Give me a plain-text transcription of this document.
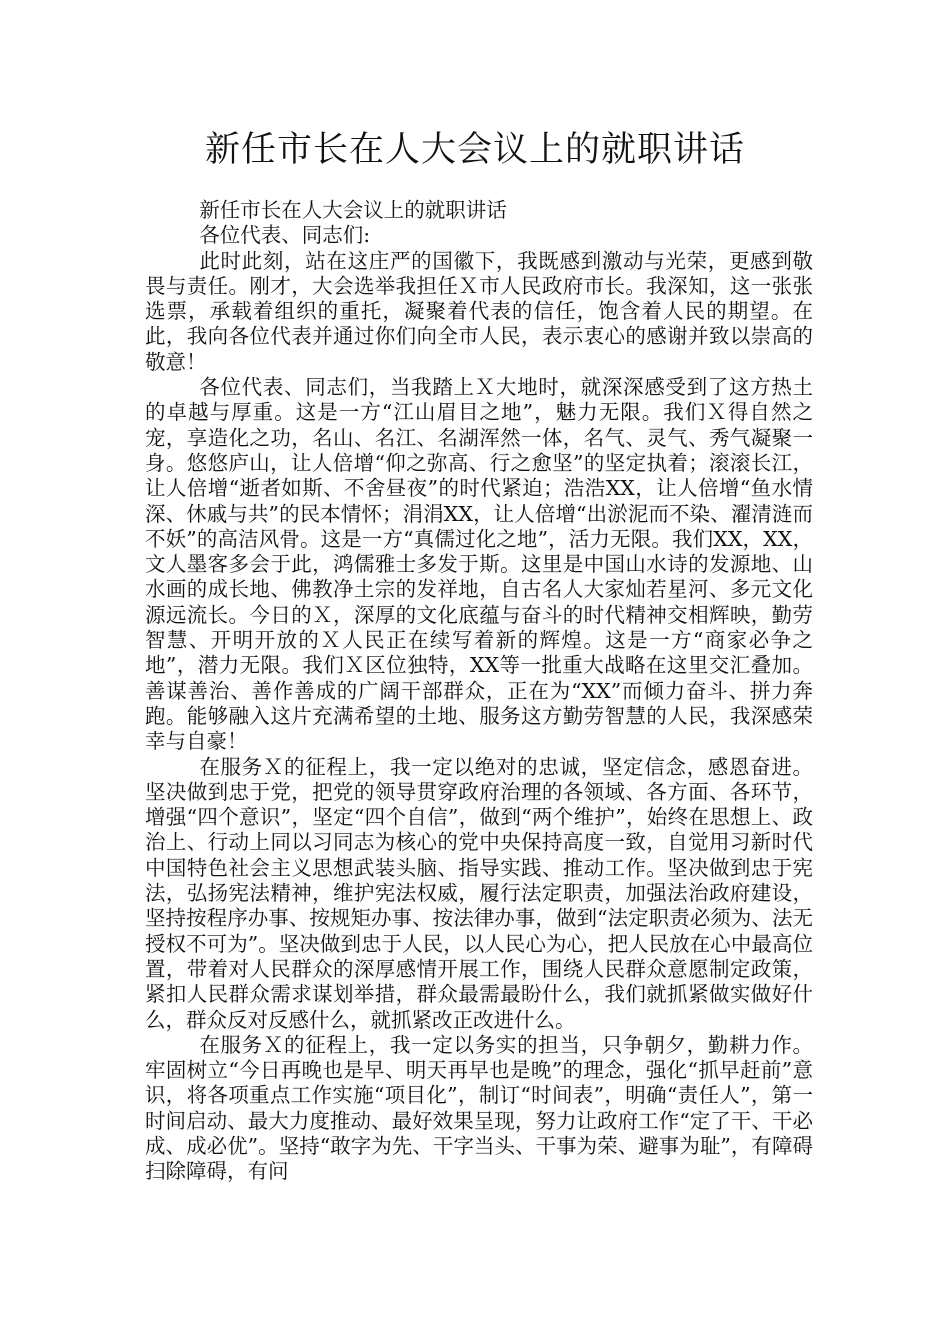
新任市长在人大会议上的就职讲话

新任市长在人大会议上的就职讲话

各位代表、同志们:

此时此刻，站在这庄严的国徽下，我既感到激动与光荣，更感到敬畏与责任。刚才，大会选举我担任Ｘ市人民政府市长。我深知，这一张张选票，承载着组织的重托，凝聚着代表的信任，饱含着人民的期望。在此，我向各位代表并通过你们向全市人民，表示衷心的感谢并致以崇高的敬意！

各位代表、同志们，当我踏上Ｘ大地时，就深深感受到了这方热土的卓越与厚重。这是一方“江山眉目之地”，魅力无限。我们Ｘ得自然之宠，享造化之功，名山、名江、名湖浑然一体，名气、灵气、秀气凝聚一身。悠悠庐山，让人倍增“仰之弥高、行之愈坚”的坚定执着；滚滚长江，让人倍增“逝者如斯、不舍昼夜”的时代紧迫；浩浩XX，让人倍增“鱼水情深、休戚与共”的民本情怀；涓涓XX，让人倍增“出淤泥而不染、濯清涟而不妖”的高洁风骨。这是一方“真儒过化之地”，活力无限。我们XX，XX，文人墨客多会于此，鸿儒雅士多发于斯。这里是中国山水诗的发源地、山水画的成长地、佛教净土宗的发祥地，自古名人大家灿若星河、多元文化源远流长。今日的Ｘ，深厚的文化底蕴与奋斗的时代精神交相辉映，勤劳智慧、开明开放的Ｘ人民正在续写着新的辉煌。这是一方“商家必争之地”，潜力无限。我们Ｘ区位独特，XX等一批重大战略在这里交汇叠加。善谋善治、善作善成的广阔干部群众，正在为“XX”而倾力奋斗、拼力奔跑。能够融入这片充满希望的土地、服务这方勤劳智慧的人民，我深感荣幸与自豪！

在服务Ｘ的征程上，我一定以绝对的忠诚，坚定信念，感恩奋进。坚决做到忠于党，把党的领导贯穿政府治理的各领域、各方面、各环节，增强“四个意识”，坚定“四个自信”，做到“两个维护”，始终在思想上、政治上、行动上同以习同志为核心的党中央保持高度一致，自觉用习新时代中国特色社会主义思想武装头脑、指导实践、推动工作。坚决做到忠于宪法，弘扬宪法精神，维护宪法权威，履行法定职责，加强法治政府建设，坚持按程序办事、按规矩办事、按法律办事，做到“法定职责必须为、法无授权不可为”。坚决做到忠于人民，以人民心为心，把人民放在心中最高位置，带着对人民群众的深厚感情开展工作，围绕人民群众意愿制定政策，紧扣人民群众需求谋划举措，群众最需最盼什么，我们就抓紧做实做好什么，群众反对反感什么，就抓紧改正改进什么。

在服务Ｘ的征程上，我一定以务实的担当，只争朝夕，勤耕力作。牢固树立“今日再晚也是早、明天再早也是晚”的理念，强化“抓早赶前”意识，将各项重点工作实施“项目化”，制订“时间表”，明确“责任人”，第一时间启动、最大力度推动、最好效果呈现，努力让政府工作“定了干、干必成、成必优”。坚持“敢字为先、干字当头、干事为荣、避事为耻”，有障碍扫除障碍，有问
